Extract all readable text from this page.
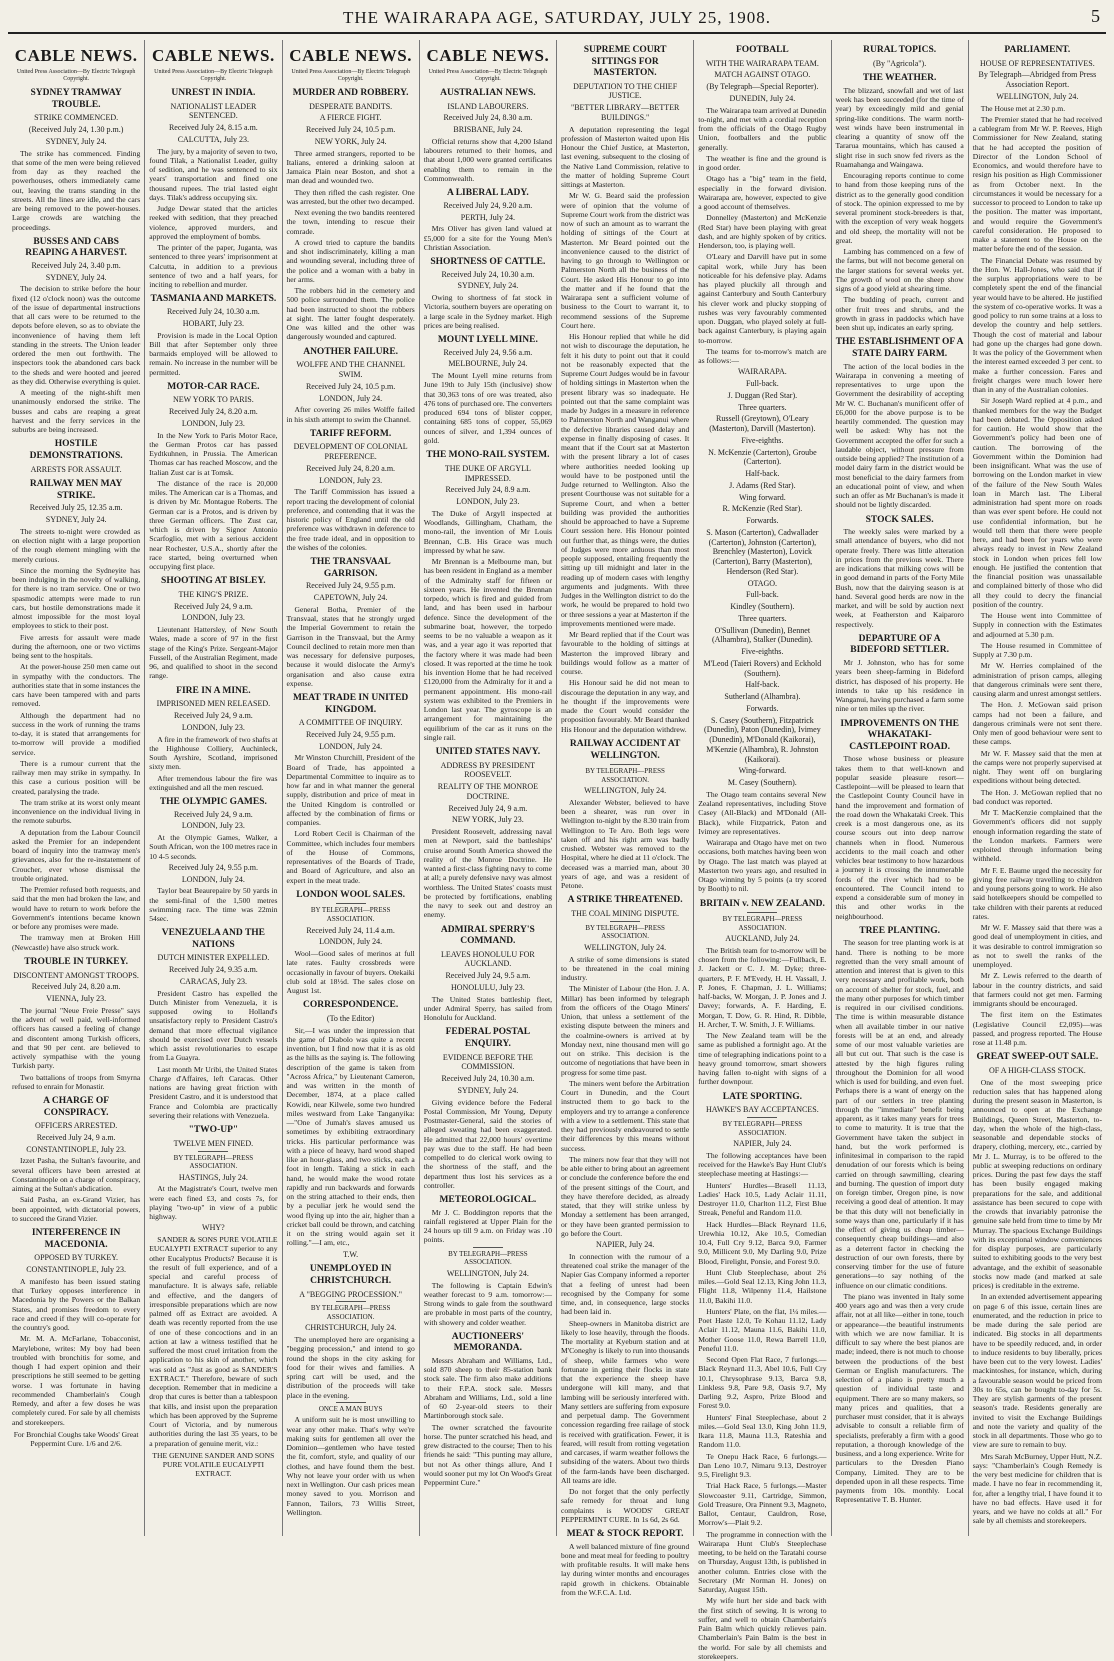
THE WAIRARAPA AGE, SATURDAY, JULY 25, 1908.	5
CABLE NEWS.
United Press Association—By Electric Telegraph Copyright.
SYDNEY TRAMWAY TROUBLE.
STRIKE COMMENCED.
(Received July 24, 1.30 p.m.)
SYDNEY, July 24.
The strike has commenced. Finding that some of the men were being relieved from day as they reached the powerhouses, others immediately came out, leaving the trams standing in the streets. All the lines are idle, and the cars are being removed to the power-houses. Large crowds are watching the proceedings.
BUSSES AND CABS REAPING A HARVEST.
Received July 24, 3.40 p.m.
SYDNEY, July 24.
The decision to strike before the hour fixed (12 o'clock noon) was the outcome of the issue of departmental instructions that all cars were to be returned to the depots before eleven, so as to obviate the inconvenience of having them left standing in the streets. The Union leader ordered the men out forthwith. The inspectors took the abandoned cars back to the sheds and were hooted and jeered as they did. Otherwise everything is quiet.
A meeting of the night-shift men unanimously endorsed the strike. The busses and cabs are reaping a great harvest and the ferry services in the suburbs are being increased.
HOSTILE DEMONSTRATIONS.
ARRESTS FOR ASSAULT.
RAILWAY MEN MAY STRIKE.
Received July 25, 12.35 a.m.
SYDNEY, July 24.
The streets to-night were crowded as on election night with a large proportion of the rough element mingling with the merely curious.
Since the morning the Sydneyite has been indulging in the novelty of walking, for there is no tram service. One or two spasmodic attempts were made to run cars, but hostile demonstrations made it almost impossible for the most loyal employees to stick to their post.
Five arrests for assault were made during the afternoon, one or two victims being sent to the hospitals.
At the power-house 250 men came out in sympathy with the conductors. The authorities state that in some instances the cars have been tampered with and parts removed.
Although the department had no success in the work of running the trams to-day, it is stated that arrangements for to-morrow will provide a modified service.
There is a rumour current that the railway men may strike in sympathy. In this case a curious position will be created, paralysing the trade.
The tram strike at its worst only meant inconvenience on the individual living in the remote suburbs.
A deputation from the Labour Council asked the Premier for an independent board of inquiry into the tramway men's grievances, also for the re-instatement of Croucher, ever whose dismissal the trouble originated.
The Premier refused both requests, and said that the men had broken the law, and would have to return to work before the Government's intentions became known or before any promises were made.
The tramway men at Broken Hill (Newcastle) have also struck work.
TROUBLE IN TURKEY.
DISCONTENT AMONGST TROOPS.
Received July 24, 8.20 a.m.
VIENNA, July 23.
The journal "Neue Freie Presse" says the advent of well paid, well-informed officers has caused a feeling of change and discontent among Turkish officers, and that 90 per cent. are believed to actively sympathise with the young Turkish party.
Two battalions of troops from Smyrna refused to enrain for Monastir.
A CHARGE OF CONSPIRACY.
OFFICERS ARRESTED.
Received July 24, 9 a.m.
CONSTANTINOPLE, July 23.
Izzet Pasha, the Sultan's favourite, and several officers have been arrested at Constantinople on a charge of conspiracy, aiming at the Sultan's abdication.
Said Pasha, an ex-Grand Vizier, has been appointed, with dictatorial powers, to succeed the Grand Vizier.
INTERFERENCE IN MACEDONIA.
OPPOSED BY TURKEY.
CONSTANTINOPLE, July 23.
A manifesto has been issued stating that Turkey opposes interference in Macedonia by the Powers or the Balkan States, and promises freedom to every race and creed if they will co-operate for the country's good.
Mr. M. A. McFarlane, Tobacconist, Marylebone, writes: My boy had been troubled with bronchitis for some, and though I had expert opinion and their prescriptions he still seemed to be getting worse. I was fortunate in having recommended Chamberlain's Cough Remedy, and after a few doses he was completely cured. For sale by all chemists and storekeepers.
For Bronchial Coughs take Woods' Great Peppermint Cure. 1/6 and 2/6.
CABLE NEWS.
United Press Association—By Electric Telegraph Copyright.
UNREST IN INDIA.
NATIONALIST LEADER SENTENCED.
Received July 24, 8.15 a.m.
CALCUTTA, July 23.
The jury, by a majority of seven to two, found Tilak, a Nationalist Leader, guilty of sedition, and he was sentenced to six years' transportation and fined one thousand rupees. The trial lasted eight days. Tilak's address occupying six.
Judge Dewar stated that the articles reeked with sedition, that they preached violence, approved murders, and approved the employment of bombs.
The printer of the paper, Juganta, was sentenced to three years' imprisonment at Calcutta, in addition to a previous sentence of two and a half years, for inciting to rebellion and murder.
TASMANIA AND MARKETS.
Received July 24, 10.30 a.m.
HOBART, July 23.
Provision is made in the Local Option Bill that after September only three barmaids employed will be allowed to remain. No increase in the number will be permitted.
MOTOR-CAR RACE.
NEW YORK TO PARIS.
Received July 24, 8.20 a.m.
LONDON, July 23.
In the New York to Paris Motor Race, the German Protos car has passed Eydtkuhnen, in Prussia. The American Thomas car has reached Moscow, and the Italian Zust car is at Tomsk.
The distance of the race is 20,000 miles. The American car is a Thomas, and is driven by Mr. Montague Roberts. The German car is a Protos, and is driven by three German officers. The Zust car, which is driven by Signor Antonio Scarfoglio, met with a serious accident near Rochester, U.S.A., shortly after the race started, being overturned when occupying first place.
SHOOTING AT BISLEY.
THE KING'S PRIZE.
Received July 24, 9 a.m.
LONDON, July 23.
Lieutenant Hattersley, of New South Wales, made a score of 97 in the first stage of the King's Prize. Sergeant-Major Fussell, of the Australian Regiment, made 96, and qualified to shoot in the second range.
FIRE IN A MINE.
IMPRISONED MEN RELEASED.
Received July 24, 9 a.m.
LONDON, July 23.
A fire in the framework of two shafts at the Highhouse Colliery, Auchinleck, South Ayrshire, Scotland, imprisoned sixty men.
After tremendous labour the fire was extinguished and all the men rescued.
THE OLYMPIC GAMES.
Received July 24, 9 a.m.
LONDON, July 23.
At the Olympic Games, Walker, a South African, won the 100 metres race in 10 4-5 seconds.
Received July 24, 9.55 p.m.
LONDON, July 24.
Taylor beat Beaurepaire by 50 yards in the semi-final of the 1,500 metres swimming race. The time was 22min 54sec.
VENEZUELA AND THE NATIONS
DUTCH MINISTER EXPELLED.
Received July 24, 9.35 a.m.
CARACAS, July 23.
President Castro has expelled the Dutch Minister from Venezuela, it is supposed owing to Holland's unsatisfactory reply to President Castro's demand that more effectual vigilance should be exercised over Dutch vessels which assist revolutionaries to escape from La Guayra.
Last month Mr Uribi, the United States Charge d'Affaires, left Caracas. Other nations are having great friction with President Castro, and it is understood that France and Colombia are practically severing their relations with Venezuela.
"TWO-UP"
TWELVE MEN FINED.
BY TELEGRAPH—PRESS ASSOCIATION.
HASTINGS, July 24.
At the Magistrate's Court, twelve men were each fined £3, and costs 7s, for playing "two-up" in view of a public highway.
WHY?
SANDER & SONS PURE VOLATILE EUCALYPTI EXTRACT superior to any other Eucalyptus Products? Because it is the result of full experience, and of a special and careful process of manufacture. It is always safe, reliable and effective, and the dangers of irresponsible preparations which are now palmed off as Extract are avoided. A death was recently reported from the use of one of these concoctions and in an action at law a witness testified that he suffered the most cruel irritation from the application to his skin of another, which was sold as "Just as good as SANDER'S EXTRACT." Therefore, beware of such deception. Remember that in medicine a drop that cures is better than a tablespoon that kills, and insist upon the preparation which has been approved by the Supreme Court of Victoria, and by numerous authorities during the last 35 years, to be a preparation of genuine merit, viz.:
THE GENUINE SANDER AND SONS PURE VOLATILE EUCALYPTI EXTRACT.
CABLE NEWS.
United Press Association—By Electric Telegraph Copyright.
MURDER AND ROBBERY.
DESPERATE BANDITS.
A FIERCE FIGHT.
Received July 24, 10.5 p.m.
NEW YORK, July 24.
Three armed strangers, reported to be Italians, entered a drinking saloon at Jamaica Plain near Boston, and shot a man dead and wounded two.
They then rifled the cash register. One was arrested, but the other two decamped.
Next evening the two bandits reentered the town, intending to rescue their comrade.
A crowd tried to capture the bandits and shot indiscriminately, killing a man and wounding several, including three of the police and a woman with a baby in her arms.
The robbers hid in the cemetery and 500 police surrounded them. The police had been instructed to shoot the robbers at sight. The latter fought desperately. One was killed and the other was dangerously wounded and captured.
ANOTHER FAILURE.
WOLFFE AND THE CHANNEL SWIM.
Received July 24, 10.5 p.m.
LONDON, July 24.
After covering 26 miles Wolffe failed in his sixth attempt to swim the Channel.
TARIFF REFORM.
DEVELOPMENT OF COLONIAL PREFERENCE.
Received July 24, 8.20 a.m.
LONDON, July 23.
The Tariff Commission has issued a report tracing the development of colonial preference, and contending that it was the historic policy of England until the old preference was withdrawn in deference to the free trade ideal, and in opposition to the wishes of the colonies.
THE TRANSVAAL GARRISON.
Received July 24, 9.55 p.m.
CAPETOWN, July 24.
General Botha, Premier of the Transvaal, states that he strongly urged the Imperial Government to retain the Garrison in the Transvaal, but the Army Council declined to retain more men than was necessary for defensive purposes, because it would dislocate the Army's organisation and also cause extra expense.
MEAT TRADE IN UNITED KINGDOM.
A COMMITTEE OF INQUIRY.
Received July 24, 9.55 p.m.
LONDON, July 24.
Mr Winston Churchill, President of the Board of Trade, has appointed a Departmental Committee to inquire as to how far and in what manner the general supply, distribution and price of meat in the United Kingdom is controlled or affected by the combination of firms or companies.
Lord Robert Cecil is Chairman of the Committee, which includes four members of the House of Commons, representatives of the Boards of Trade, and Board of Agriculture, and also an expert in the meat trade.
LONDON WOOL SALES.
BY TELEGRAPH—PRESS ASSOCIATION.
Received July 24, 11.4 a.m.
LONDON, July 24.
Wool—Good sales of merinos at full late rates. Faulty crossbreds were occasionally in favour of buyers. Otekaiki club sold at 18½d. The sales close on August 1st.
CORRESPONDENCE.
(To the Editor)
Sir,—I was under the impression that the game of Diabolo was quite a recent invention, but I find now that it is as old as the hills as the saying is. The following description of the game is taken from "Across Africa," by Lieutenant Cameron, and was written in the month of December, 1874, at a place called Kowidi, near Kilwele, some two hundred miles westward from Lake Tanganyika:—"One of Jumah's slaves amused us sometimes by exhibiting extraordinary tricks. His particular performance was with a piece of heavy, hard wood shaped like an hour-glass, and two sticks, each a foot in length. Taking a stick in each hand, he would make the wood rotate rapidly and run backwards and forwards on the string attached to their ends, then by a peculiar jerk he would send the wood flying up into the air, higher than a cricket ball could be thrown, and catching it on the string would again set it rolling."—I am, etc.,
T.W.
UNEMPLOYED IN CHRISTCHURCH.
A "BEGGING PROCESSION."
BY TELEGRAPH—PRESS ASSOCIATION.
CHRISTCHURCH, July 24.
The unemployed here are organising a "begging procession," and intend to go round the shops in the city asking for food for their wives and families. A spring cart will be used, and the distribution of the proceeds will take place in the evening.
ONCE A MAN BUYS
A uniform suit he is most unwilling to wear any other make. That's why we're making suits for gentlemen all over the Dominion—gentlemen who have tested the fit, comfort, style, and quality of our clothes, and have found them the best. Why not leave your order with us when next in Wellington. Our cash prices mean money saved to you. Morrison and Fannon, Tailors, 73 Willis Street, Wellington.
CABLE NEWS.
United Press Association—By Electric Telegraph Copyright.
AUSTRALIAN NEWS.
ISLAND LABOURERS.
Received July 24, 8.30 a.m.
BRISBANE, July 24.
Official returns show that 4,200 Island labourers returned to their homes, and that about 1,000 were granted certificates enabling them to remain in the Commonwealth.
A LIBERAL LADY.
Received July 24, 9.20 a.m.
PERTH, July 24.
Mrs Oliver has given land valued at £5,000 for a site for the Young Men's Christian Association.
SHORTNESS OF CATTLE.
Received July 24, 10.30 a.m.
SYDNEY, July 24.
Owing to shortness of fat stock in Victoria, southern buyers are operating on a large scale in the Sydney market. High prices are being realised.
MOUNT LYELL MINE.
Received July 24, 9.56 a.m.
MELBOURNE, July 24.
The Mount Lyell mine returns from June 19th to July 15th (inclusive) show that 30,363 tons of ore was treated, also 476 tons of purchased ore. The converters produced 694 tons of blister copper, containing 685 tons of copper, 55,069 ounces of silver, and 1,394 ounces of gold.
THE MONO-RAIL SYSTEM.
THE DUKE OF ARGYLL IMPRESSED.
Received July 24, 8.9 a.m.
LONDON, July 23.
The Duke of Argyll inspected at Woodlands, Gillingham, Chatham, the mono-rail, the invention of Mr Louis Brennan, C.B. His Grace was much impressed by what he saw.
Mr Brennan is a Melbourne man, but has been resident in England as a member of the Admiralty staff for fifteen or sixteen years. He invented the Brennan torpedo, which is fired and guided from land, and has been used in harbour defence. Since the development of the submarine boat, however, the torpedo seems to be no valuable a weapon as it was, and a year ago it was reported that the factory where it was made had been closed. It was reported at the time he took his invention Home that he had received £120,000 from the Admiralty for it and a permanent appointment. His mono-rail system was exhibited to the Premiers in London last year. The gyroscope is an arrangement for maintaining the equilibrium of the car as it runs on the single rail.
UNITED STATES NAVY.
ADDRESS BY PRESIDENT ROOSEVELT.
REALITY OF THE MONROE DOCTRINE.
Received July 24, 9 a.m.
NEW YORK, July 23.
President Roosevelt, addressing naval men at Newport, said the battleships' cruise around South America showed the reality of the Monroe Doctrine. He wanted a first-class fighting navy to come at all; a purely defensive navy was almost worthless. The United States' coasts must be protected by fortifications, enabling the navy to seek out and destroy an enemy.
ADMIRAL SPERRY'S COMMAND.
LEAVES HONOLULU FOR AUCKLAND.
Received July 24, 9.5 a.m.
HONOLULU, July 23.
The United States battleship fleet, under Admiral Sperry, has sailed from Honolulu for Auckland.
FEDERAL POSTAL ENQUIRY.
EVIDENCE BEFORE THE COMMISSION.
Received July 24, 10.30 a.m.
SYDNEY, July 24.
Giving evidence before the Federal Postal Commission, Mr Young, Deputy Postmaster-General, said the stories of alleged sweating had been exaggerated. He admitted that 22,000 hours' overtime pay was due to the staff. He had been compelled to do clerical work owing to the shortness of the staff, and the department thus lost his services as a controller.
METEOROLOGICAL.
Mr J. C. Boddington reports that the rainfall registered at Upper Plain for the 24 hours up till 9 a.m. on Friday was .10 points.
BY TELEGRAPH—PRESS ASSOCIATION.
WELLINGTON, July 24.
The following is Captain Edwin's weather forecast to 9 a.m. tomorrow:—Strong winds to gale from the southward are probable in most parts of the country, with showery and colder weather.
AUCTIONEERS' MEMORANDA.
Messrs Abraham and Williams, Ltd., sold 870 sheep to their 85-station bank stock sale. The firm also make additions to their F.P.A. stock sale. Messrs Abraham and Williams, Ltd., sold a line of 60 2-year-old steers to their Martinborough stock sale.
The owner scratched the favourite horse. The punter scratched his head, and grew distracted to the course; Then to his friends he said: "This punting may allure, but not As other things allure, And I would sooner put my lot On Wood's Great Peppermint Cure."
SUPREME COURT SITTINGS FOR MASTERTON.
DEPUTATION TO THE CHIEF JUSTICE.
"BETTER LIBRARY—BETTER BUILDINGS."
A deputation representing the legal profession of Masterton waited upon His Honour the Chief Justice, at Masterton, last evening, subsequent to the closing of the Native Land Commission, relative to the matter of holding Supreme Court sittings at Masterton.
Mr W. G. Beard said the profession were of opinion that the volume of Supreme Court work from the district was now of such an amount as to warrant the holding of sittings of the Court at Masterton. Mr Beard pointed out the inconvenience caused to the district of having to go through to Wellington or Palmerston North all the business of the Court. He asked His Honour to go into the matter and if he found that the Wairarapa sent a sufficient volume of business to the Court to warrant it, to recommend sessions of the Supreme Court here.
His Honour replied that while he did not wish to discourage the deputation, he felt it his duty to point out that it could not be reasonably expected that the Supreme Court Judges would be in favour of holding sittings in Masterton when the present library was so inadequate. He pointed out that the same complaint was made by Judges in a measure in reference to Palmerston North and Wanganui where the defective libraries caused delay and expense in finally disposing of cases. It meant that if the Court sat at Masterton with the present library a lot of cases where authorities needed looking up would have to be postponed until the Judge returned to Wellington. Also the present Courthouse was not suitable for a Supreme Court, and when a better building was provided the authorities should be approached to have a Supreme Court session here. His Honour pointed out further that, as things were, the duties of Judges were more arduous than most people supposed, entailing frequently the sitting up till midnight and later in the reading up of modern cases with lengthy arguments and judgments. With three Judges in the Wellington district to do the work, he would be prepared to hold two or three sessions a year at Masterton if the improvements mentioned were made.
Mr Beard replied that if the Court was favourable to the holding of sittings at Masterton the improved library and buildings would follow as a matter of course.
His Honour said he did not mean to discourage the deputation in any way, and he thought if the improvements were made the Court would consider the proposition favourably. Mr Beard thanked His Honour and the deputation withdrew.
RAILWAY ACCIDENT AT WELLINGTON.
BY TELEGRAPH—PRESS ASSOCIATION.
WELLINGTON, July 24.
Alexander Webster, believed to have been a shearer, was run over in Wellington to-night by the 8.30 train from Wellington to Te Aro. Both legs were taken off and his right arm was badly crushed. Webster was removed to the Hospital, where he died at 11 o'clock. The deceased was a married man, about 30 years of age, and was a resident of Petone.
A STRIKE THREATENED.
THE COAL MINING DISPUTE.
BY TELEGRAPH—PRESS ASSOCIATION.
WELLINGTON, July 24.
A strike of some dimensions is stated to be threatened in the coal mining industry.
The Minister of Labour (the Hon. J. A. Millar) has been informed by telegraph from the officers of the Otago Miners' Union, that unless a settlement of the existing dispute between the miners and the coalmine-owners is arrived at by Monday next, nine thousand men will go out on strike. This decision is the outcome of negotiations that have been in progress for some time past.
The miners went before the Arbitration Court in Dunedin, and the Court instructed them to go back to the employers and try to arrange a conference with a view to a settlement. This state that they had previously endeavoured to settle their differences by this means without success.
The miners now fear that they will not be able either to bring about an agreement or conclude the conference before the end of the present sittings of the Court, and they have therefore decided, as already stated, that they will strike unless by Monday a settlement has been arranged, or they have been granted permission to go before the Court.
NAPIER, July 24.
In connection with the rumour of a threatened coal strike the manager of the Napier Gas Company informed a reporter that a feeling of unrest had been recognised by the Company for some time, and, in consequence, large stocks had been laid in.
Sheep-owners in Manitoba district are likely to lose heavily, through the floods. The mortality at Kyeburn station and at M'Coneghy is likely to run into thousands of sheep, while farmers who were fortunate in getting their flocks in state that the experience the sheep have undergone will kill many, and that lambing will be seriously interfered with. Many settlers are suffering from exposure and perpetual damp. The Government concession regarding free railage of stock is received with gratification. Fewer, it is feared, will result from rotting vegetation and carcases, if warm weather follows the subsiding of the waters. About two thirds of the farm-lands have been discharged. All teams are idle.
Do not forget that the only perfectly safe remedy for throat and lung complaints is WOODS' GREAT PEPPERMINT CURE. In 1s 6d, 2s 6d.
MEAT & STOCK REPORT.
A well balanced mixture of fine ground bone and meat meal for feeding to poultry with profitable results. It will make hens lay during winter months and encourages rapid growth in chickens. Obtainable from the W.F.C.A. Ltd.
FOOTBALL
WITH THE WAIRARAPA TEAM.
MATCH AGAINST OTAGO.
(By Telegraph—Special Reporter).
DUNEDIN, July 24.
The Wairarapa team arrived at Dunedin to-night, and met with a cordial reception from the officials of the Otago Rugby Union, footballers and the public generally.
The weather is fine and the ground is in good order.
Otago has a "big" team in the field, especially in the forward division. Wairarapa are, however, expected to give a good account of themselves.
Donnelley (Masterton) and McKenzie (Red Star) have been playing with great dash, and are highly spoken of by critics. Henderson, too, is playing well.
O'Leary and Darvill have put in some capital work, while Jury has been noticeable for his defensive play. Adams has played pluckily all through and against Canterbury and South Canterbury his clever work and plucky stopping of rushes was very favourably commented upon. Duggan, who played solely at full-back against Canterbury, is playing again to-morrow.
The teams for to-morrow's match are as follows:—
WAIRARAPA.
Full-back.
J. Duggan (Red Star).
Three quarters.
Russell (Greytown), O'Leary (Masterton), Darvill (Masterton).
Five-eighths.
N. McKenzie (Carterton), Groube (Carterton).
Half-back.
J. Adams (Red Star).
Wing forward.
R. McKenzie (Red Star).
Forwards.
S. Mason (Carterton), Cadwallader (Carterton), Johnston (Carterton), Brenchley (Masterton), Lovick (Carterton), Barry (Masterton), Henderson (Red Star).
OTAGO.
Full-back.
Kindley (Southern).
Three quarters.
O'Sullivan (Dunedin), Bennet (Alhambra), Stalker (Dunedin).
Five-eighths.
M'Leod (Taieri Rovers) and Eckhold (Southern).
Half-back.
Sutherland (Alhambra).
Forwards.
S. Casey (Southern), Fitzpatrick (Dunedin), Paton (Dunedin), Ivimey (Dunedin), M'Donald (Kaikorai), M'Kenzie (Alhambra), R. Johnston (Kaikorai).
Wing-forward.
M. Casey (Southern).
The Otago team contains several New Zealand representatives, including Stove Casey (All-Black) and M'Donald (All-Black), while Fitzpatrick, Paton and Ivimey are representatives.
Wairarapa and Otago have met on two occasions, both matches having been won by Otago. The last match was played at Masterton two years ago, and resulted in Otago winning by 5 points (a try scored by Booth) to nil.
BRITAIN v. NEW ZEALAND.
BY TELEGRAPH—PRESS ASSOCIATION.
AUCKLAND, July 24.
The British team for to-morrow will be chosen from the following:—Fullback, E. J. Jackett or C. J. M. Dyke; three-quarters, P. F. M'Evedy, H. H. Vassall, J. P. Jones, F. Chapman, J. L. Williams; half-backs, W. Morgan, J. P. Jones and J. Davey; forwards, A. F. Harding, E. Morgan, T. Dow, G. R. Hind, R. Dibble, H. Archer, T. W. Smith, J. F. Williams.
The New Zealand team will be the same as published a fortnight ago. At the time of telegraphing indications point to a heavy ground tomorrow, smart showers having fallen to-night with signs of a further downpour.
LATE SPORTING.
HAWKE'S BAY ACCEPTANCES.
BY TELEGRAPH—PRESS ASSOCIATION.
NAPIER, July 24.
The following acceptances have been received for the Hawke's Bay Hunt Club's steeplechase meeting at Hastings:—
Hunters' Hurdles—Brasell 11.13, Ladies' Hack 10.5, Lady Aclair 11.11, Destroyer 11.0, Charlton 11.2, First Blue Streak, Peneful and Random 11.0.
Hack Hurdles—Black Reynard 11.6, Urewhia 10.12, Ake 10.5, Comedian 10.4, Full Cry 9.12, Barca 9.0, Farmer 9.0, Millicent 9.0, My Darling 9.0, Prize Blood, Firelight, Ponsie, and Forest 9.0.
Hunt Club Steeplechase, about 2¼ miles.—Gold Seal 12.13, King John 11.3, Flight 11.8, Wilpenny 11.4, Hailstone 11.0, Bakihi 11.0.
Hunters' Plate, on the flat, 1¼ miles.—Poet Haste 12.0, Te Kohau 11.12, Lady Aclair 11.12, Mauna 11.6, Bakihi 11.0, Mother Goose 11.0, Rewa Barrell 11.0, Peneful 11.0.
Second Open Flat Race, 7 furlongs.—Black Reynard 11.3, Abel 10.6, Full Cry 10.1, Chrysophrase 9.13, Barca 9.8, Linkless 9.8, Pare 9.8, Oasis 9.7, My Darling 9.2, Aspro, Prize Blood and Forest 9.0.
Hunters' Final Steeplechase, about 2 miles.—Gold Seal 13.0, King John 11.9, Ikara 11.8, Mauna 11.3, Rateshia and Random 11.0.
Te Onepu Hack Race, 6 furlongs.—Dan Leno 10.7, Nimaru 9.13, Destroyer 9.5, Firelight 9.3.
Trial Hack Race, 5 furlongs.—Master Slowcoaster 9.11, Cartridge, Simmon, Gold Treasure, Ora Pinnent 9.3, Magneto, Ballot, Centaur, Cauldron, Rose, Morrow's—Plait 9.2.
The programme in connection with the Wairarapa Hunt Club's Steeplechase meeting, to be held on the Taratahi course on Thursday, August 13th, is published in another column. Entries close with the Secretary (Mr Norman H. Jones) on Saturday, August 15th.
My wife hurt her side and back with the first stitch of sewing. It is wrong to suffer, and well to obtain Chamberlain's Pain Balm which quickly relieves pain. Chamberlain's Pain Balm is the best in the world. For sale by all chemists and storekeepers.
RURAL TOPICS.
(By "Agricola").
THE WEATHER.
The blizzard, snowfall and wet of last week has been succeeded (for the time of year) by exceedingly mild and genial spring-like conditions. The warm north-west winds have been instrumental in clearing a quantity of snow off the Tararua mountains, which has caused a slight rise in such snow fed rivers as the Ruamahanga and Waingawa.
Encouraging reports continue to come to hand from those keeping runs of the district as to the generally good condition of stock. The opinion expressed to me by several prominent stock-breeders is that, with the exception of very weak hoggets and old sheep, the mortality will not be great.
Lambing has commenced on a few of the farms, but will not become general on the larger stations for several weeks yet. The growth of wool on the sheep show signs of a good yield at shearing time.
The budding of peach, current and other fruit trees and shrubs, and the growth in grass in paddocks which have been shut up, indicates an early spring.
THE ESTABLISHMENT OF A STATE DAIRY FARM.
The action of the local bodies in the Wairarapa in convening a meeting of representatives to urge upon the Government the desirability of accepting Mr W. C. Buchanan's munificent offer of £6,000 for the above purpose is to be heartily commended. The question may well be asked: Why has not the Government accepted the offer for such a laudable object, without pressure from outside being applied? The institution of a model dairy farm in the district would be most beneficial to the dairy farmers from an educational point of view, and when such an offer as Mr Buchanan's is made it should not be lightly discarded.
STOCK SALES.
The weekly sales were marked by a small attendance of buyers, who did not operate freely. There was little alteration in prices from the previous week. There are indications that milking cows will be in good demand in parts of the Forty Mile Bush, now that the dairying season is at hand. Several good herds are now in the market, and will be sold by auction next week, at Featherston and Kaiparoro respectively.
DEPARTURE OF A BIDEFORD SETTLER.
Mr J. Johnston, who has for some years been sheep-farming in Bideford district, has disposed of his property. He intends to take up his residence in Wanganui, having purchased a farm some nine or ten miles up the river.
IMPROVEMENTS ON THE WHAKATAKI-CASTLEPOINT ROAD.
Those whose business or pleasure takes them to that well-known and popular seaside pleasure resort—Castlepoint—will be pleased to learn that the Castlepoint County Council have in hand the improvement and formation of the road down the Whakataki Creek. This creek is a most dangerous one, as its course scours out into deep narrow channels when in flood. Numerous accidents to the mail coach and other vehicles bear testimony to how hazardous a journey it is crossing the innumerable fords of the river which had to be encountered. The Council intend to expend a considerable sum of money in this and other works in the neighbourhood.
TREE PLANTING.
The season for tree planting work is at hand. There is nothing to be more regretted than the very small amount of attention and interest that is given to this very necessary and profitable work, both on account of shelter for stock, fuel, and the many other purposes for which timber is required in our civilised conditions. The time is within measurable distance when all available timber in our native forests will be at an end, and already some of our most valuable varieties are all but cut out. That such is the case is attested by the high figures ruling throughout the Dominion for all wood which is used for building, and even fuel. Perhaps there is a want of energy on the part of our settlers in tree planting through the "immediate" benefit being apparent, as it takes many years for trees to come to maturity. It is true that the Government have taken the subject in hand, but the work performed is infinitesimal in comparison to the rapid denudation of our forests which is being carried on through sawmilling, clearing and burning. The question of import duty on foreign timber, Oregon pine, is now receiving a good deal of attention. It may be that this duty will not beneficially in some ways than one, particularly if it has the effect of giving us cheap timber—consequently cheap buildings—and also as a deterrent factor in checking the destruction of our own forests, there by conserving timber for the use of future generations—to say nothing of the influence on our climatic conditions.
The piano was invented in Italy some 400 years ago and was then a very crude affair, not at all like—either in tone, touch or appearance—the beautiful instruments with which we are now familiar. It is difficult to say where the best pianos are made; indeed, there is not much to choose between the productions of the best German or English manufacturers. The selection of a piano is pretty much a question of individual taste and equipment. There are so many makers, so many prices and qualities, that a purchaser must consider, that it is always advisable to consult a reliable firm of specialists, preferably a firm with a good reputation, a thorough knowledge of the business, and a long experience. Write for particulars to the Dresden Piano Company, Limited. They are to be depended upon in all these respects. Time payments from 10s. monthly. Local Representative T. B. Hunter.
PARLIAMENT.
HOUSE OF REPRESENTATIVES.
By Telegraph—Abridged from Press Association Report.
WELLINGTON, July 24.
The House met at 2.30 p.m.
The Premier stated that he had received a cablegram from Mr W. P. Reeves, High Commissioner for New Zealand, stating that he had accepted the position of Director of the London School of Economics, and would therefore have to resign his position as High Commissioner as from October next. In the circumstances it would be necessary for a successor to proceed to London to take up the position. The matter was important, and would require the Government's careful consideration. He proposed to make a statement to the House on the matter before the end of the session.
The Financial Debate was resumed by the Hon. W. Hall-Jones, who said that if the surplus appropriations were to be completely spent the end of the financial year would have to be altered. He justified the system of co-operative works. It was a good policy to run some trains at a loss to develop the country and help settlers. Though the cost of material and labour had gone up the charges had gone down. It was the policy of the Government when the interest earned exceeded 3 per cent. to make a further concession. Fares and freight charges were much lower here than in any of the Australian colonies.
Sir Joseph Ward replied at 4 p.m., and thanked members for the way the Budget had been debated. The Opposition asked for caution. He would show that the Government's policy had been one of caution. The borrowing of the Government within the Dominion had been insignificant. What was the use of borrowing on the London market in view of the failure of the New South Wales loan in March last. The Liberal administration had spent more on roads than was ever spent before. He could not use confidential information, but he would tell them that there were people here, and had been for years who were always ready to invest in New Zealand stock in London when prices fell low enough. He justified the contention that the financial position was unassailable and complained bitterly of those who did all they could to decry the financial position of the country.
The House went into Committee of Supply in connection with the Estimates and adjourned at 5.30 p.m.
The House resumed in Committee of Supply at 7.30 p.m.
Mr W. Herries complained of the administration of prison camps, alleging that dangerous criminals were sent there, causing alarm and unrest amongst settlers.
The Hon. J. McGowan said prison camps had not been a failure, and dangerous criminals were not sent there. Only men of good behaviour were sent to these camps.
Mr W. F. Massey said that the men at the camps were not properly supervised at night. They went off on burglaring expeditions without being detected.
The Hon. J. McGowan replied that no bad conduct was reported.
Mr T. MacKenzie complained that the Government's officers did not supply enough information regarding the state of the London markets. Farmers were exploited through information being withheld.
Mr F. E. Baume urged the necessity for giving free railway travelling to children and young persons going to work. He also said hotelkeepers should be compelled to take children with their parents at reduced rates.
Mr W. F. Massey said that there was a good deal of unemployment in cities, and it was desirable to control immigration so as not to swell the ranks of the unemployed.
Mr Z. Lewis referred to the dearth of labour in the country districts, and said that farmers could not get men. Farming immigrants should be encouraged.
The first item on the Estimates (Legislative Council £2,095)—was passed, and progress reported. The House rose at 11.48 p.m.
GREAT SWEEP-OUT SALE.
OF A HIGH-CLASS STOCK.
One of the most sweeping price reduction sales that has happened along during the present season in Masterton, is announced to open at the Exchange Buildings, Queen Street, Masterton, to-day, when the whole of the high-class, seasonable and dependable stocks of drapery, clothing, mercery, etc., carried by Mr J. L. Murray, is to be offered to the public at sweeping reductions on ordinary prices. During the past few days the staff has been busily engaged making preparations for the sale, and additional assistance has been secured to cope with the crowds that invariably patronise the genuine sale held from time to time by Mr Murray. The spacious Exchange Buildings with its exceptional window conveniences for display purposes, are particularly suited to exhibiting goods to the very best advantage, and the exhibit of seasonable stocks now made (and marked at sale prices) is creditable in the extreme.
In an extended advertisement appearing on page 6 of this issue, certain lines are enumerated, and the reduction in price to be made during the sale period are indicated. Big stocks in all departments have to be speedily reduced, and, in order to induce residents to buy liberally, prices have been cut to the very lowest. Ladies' mackintoshes, for instance, which, during a favourable season would be priced from 30s to 65s, can be bought to-day for 5s. They are stylish garments of the present season's trade. Residents generally are invited to visit the Exchange Buildings and note the variety and quality of the stock in all departments. Those who go to view are sure to remain to buy.
Mrs Sarah McBurney, Upper Hutt, N.Z. says: "Chamberlain's Cough Remedy is the very best medicine for children that is made. I have no fear in recommending it, for, after a lengthy trial, I have found it to have no bad effects. Have used it for years, and we have no colds at all." For sale by all chemists and storekeepers.
